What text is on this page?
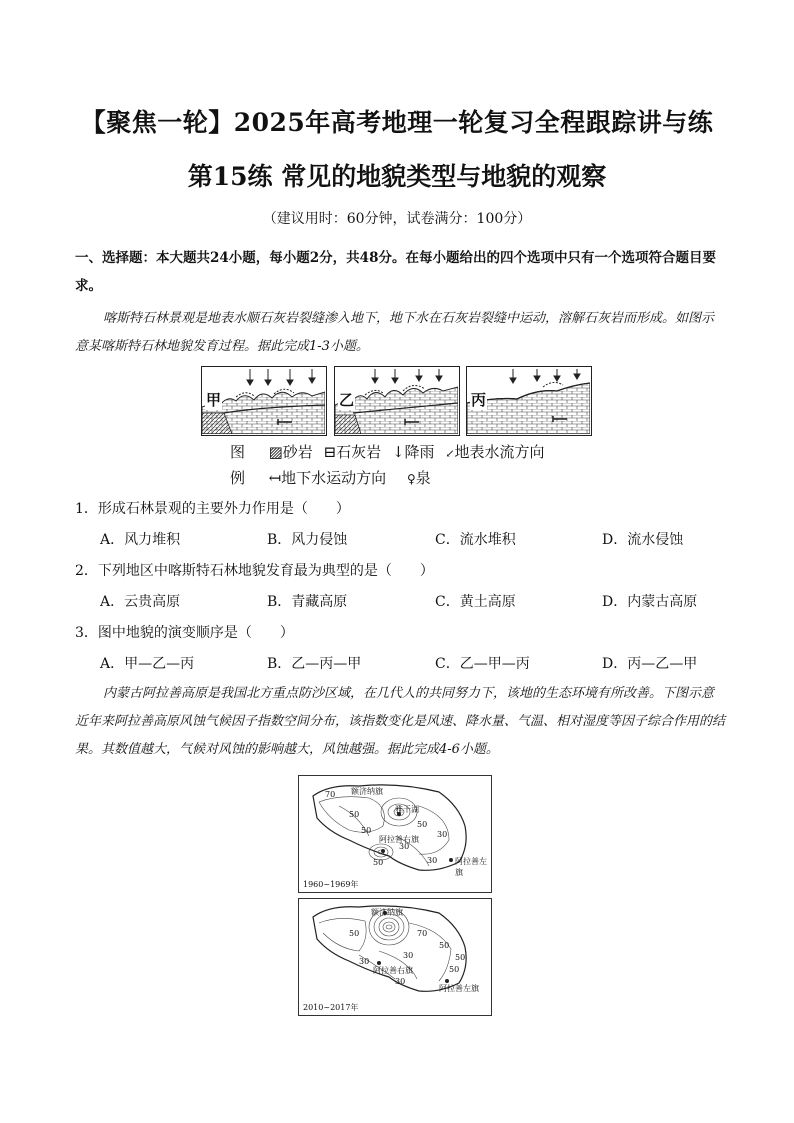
【聚焦一轮】2025年高考地理一轮复习全程跟踪讲与练
第15练 常见的地貌类型与地貌的观察
（建议用时：60分钟，试卷满分：100分）
一、选择题：本大题共24小题，每小题2分，共48分。在每小题给出的四个选项中只有一个选项符合题目要求。
喀斯特石林景观是地表水顺石灰岩裂缝渗入地下，地下水在石灰岩裂缝中运动，溶解石灰岩而形成。如图示意某喀斯特石林地貌发育过程。据此完成1-3小题。
甲	乙	丙
图 ▨砂岩 ⊟石灰岩 ↓降雨 ↙地表水流方向
例 ↤地下水运动方向 ♀泉
1．形成石林景观的主要外力作用是（　　）
A．风力堆积	B．风力侵蚀	C．流水堆积	D．流水侵蚀
2．下列地区中喀斯特石林地貌发育最为典型的是（　　）
A．云贵高原	B．青藏高原	C．黄土高原	D．内蒙古高原
3．图中地貌的演变顺序是（　　）
A．甲—乙—丙	B．乙—丙—甲	C．乙—甲—丙	D．丙—乙—甲
内蒙古阿拉善高原是我国北方重点防沙区域，在几代人的共同努力下，该地的生态环境有所改善。下图示意近年来阿拉善高原风蚀气候因子指数空间分布，该指数变化是风速、降水量、气温、相对湿度等因子综合作用的结果。其数值越大，气候对风蚀的影响越大，风蚀越强。据此完成4-6小题。
额济纳旗
雅干湖
阿拉善右旗
阿拉善左旗
70
50
50
50
50
30
30
30
1960~1969年
额济纳旗
阿拉善右旗
阿拉善左旗
50	70
50
30
30	50
50
30
2010~2017年
